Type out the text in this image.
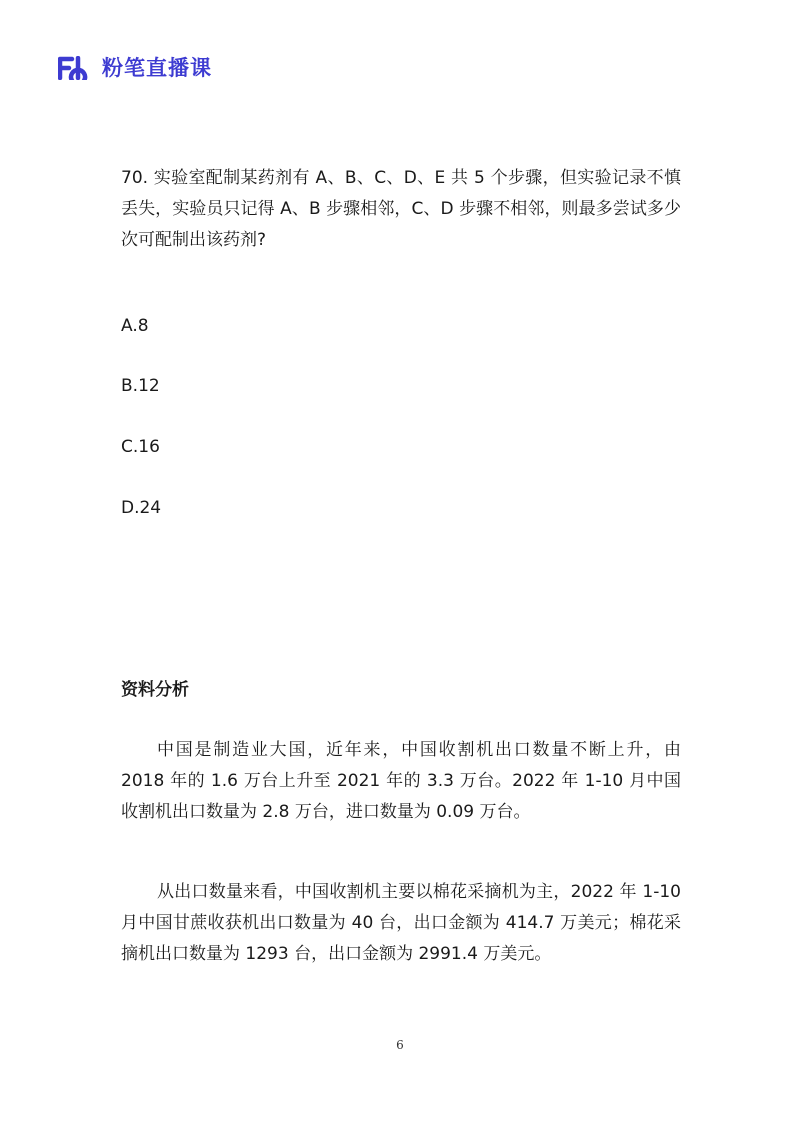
粉笔直播课

70. 实验室配制某药剂有 A、B、C、D、E 共 5 个步骤，但实验记录不慎丢失，实验员只记得 A、B 步骤相邻，C、D 步骤不相邻，则最多尝试多少次可配制出该药剂?

A.8
B.12
C.16
D.24
资料分析

中国是制造业大国，近年来，中国收割机出口数量不断上升，由 2018 年的 1.6 万台上升至 2021 年的 3.3 万台。2022 年 1-10 月中国收割机出口数量为 2.8 万台，进口数量为 0.09 万台。

从出口数量来看，中国收割机主要以棉花采摘机为主，2022 年 1-10 月中国甘蔗收获机出口数量为 40 台，出口金额为 414.7 万美元；棉花采摘机出口数量为 1293 台，出口金额为 2991.4 万美元。

6
